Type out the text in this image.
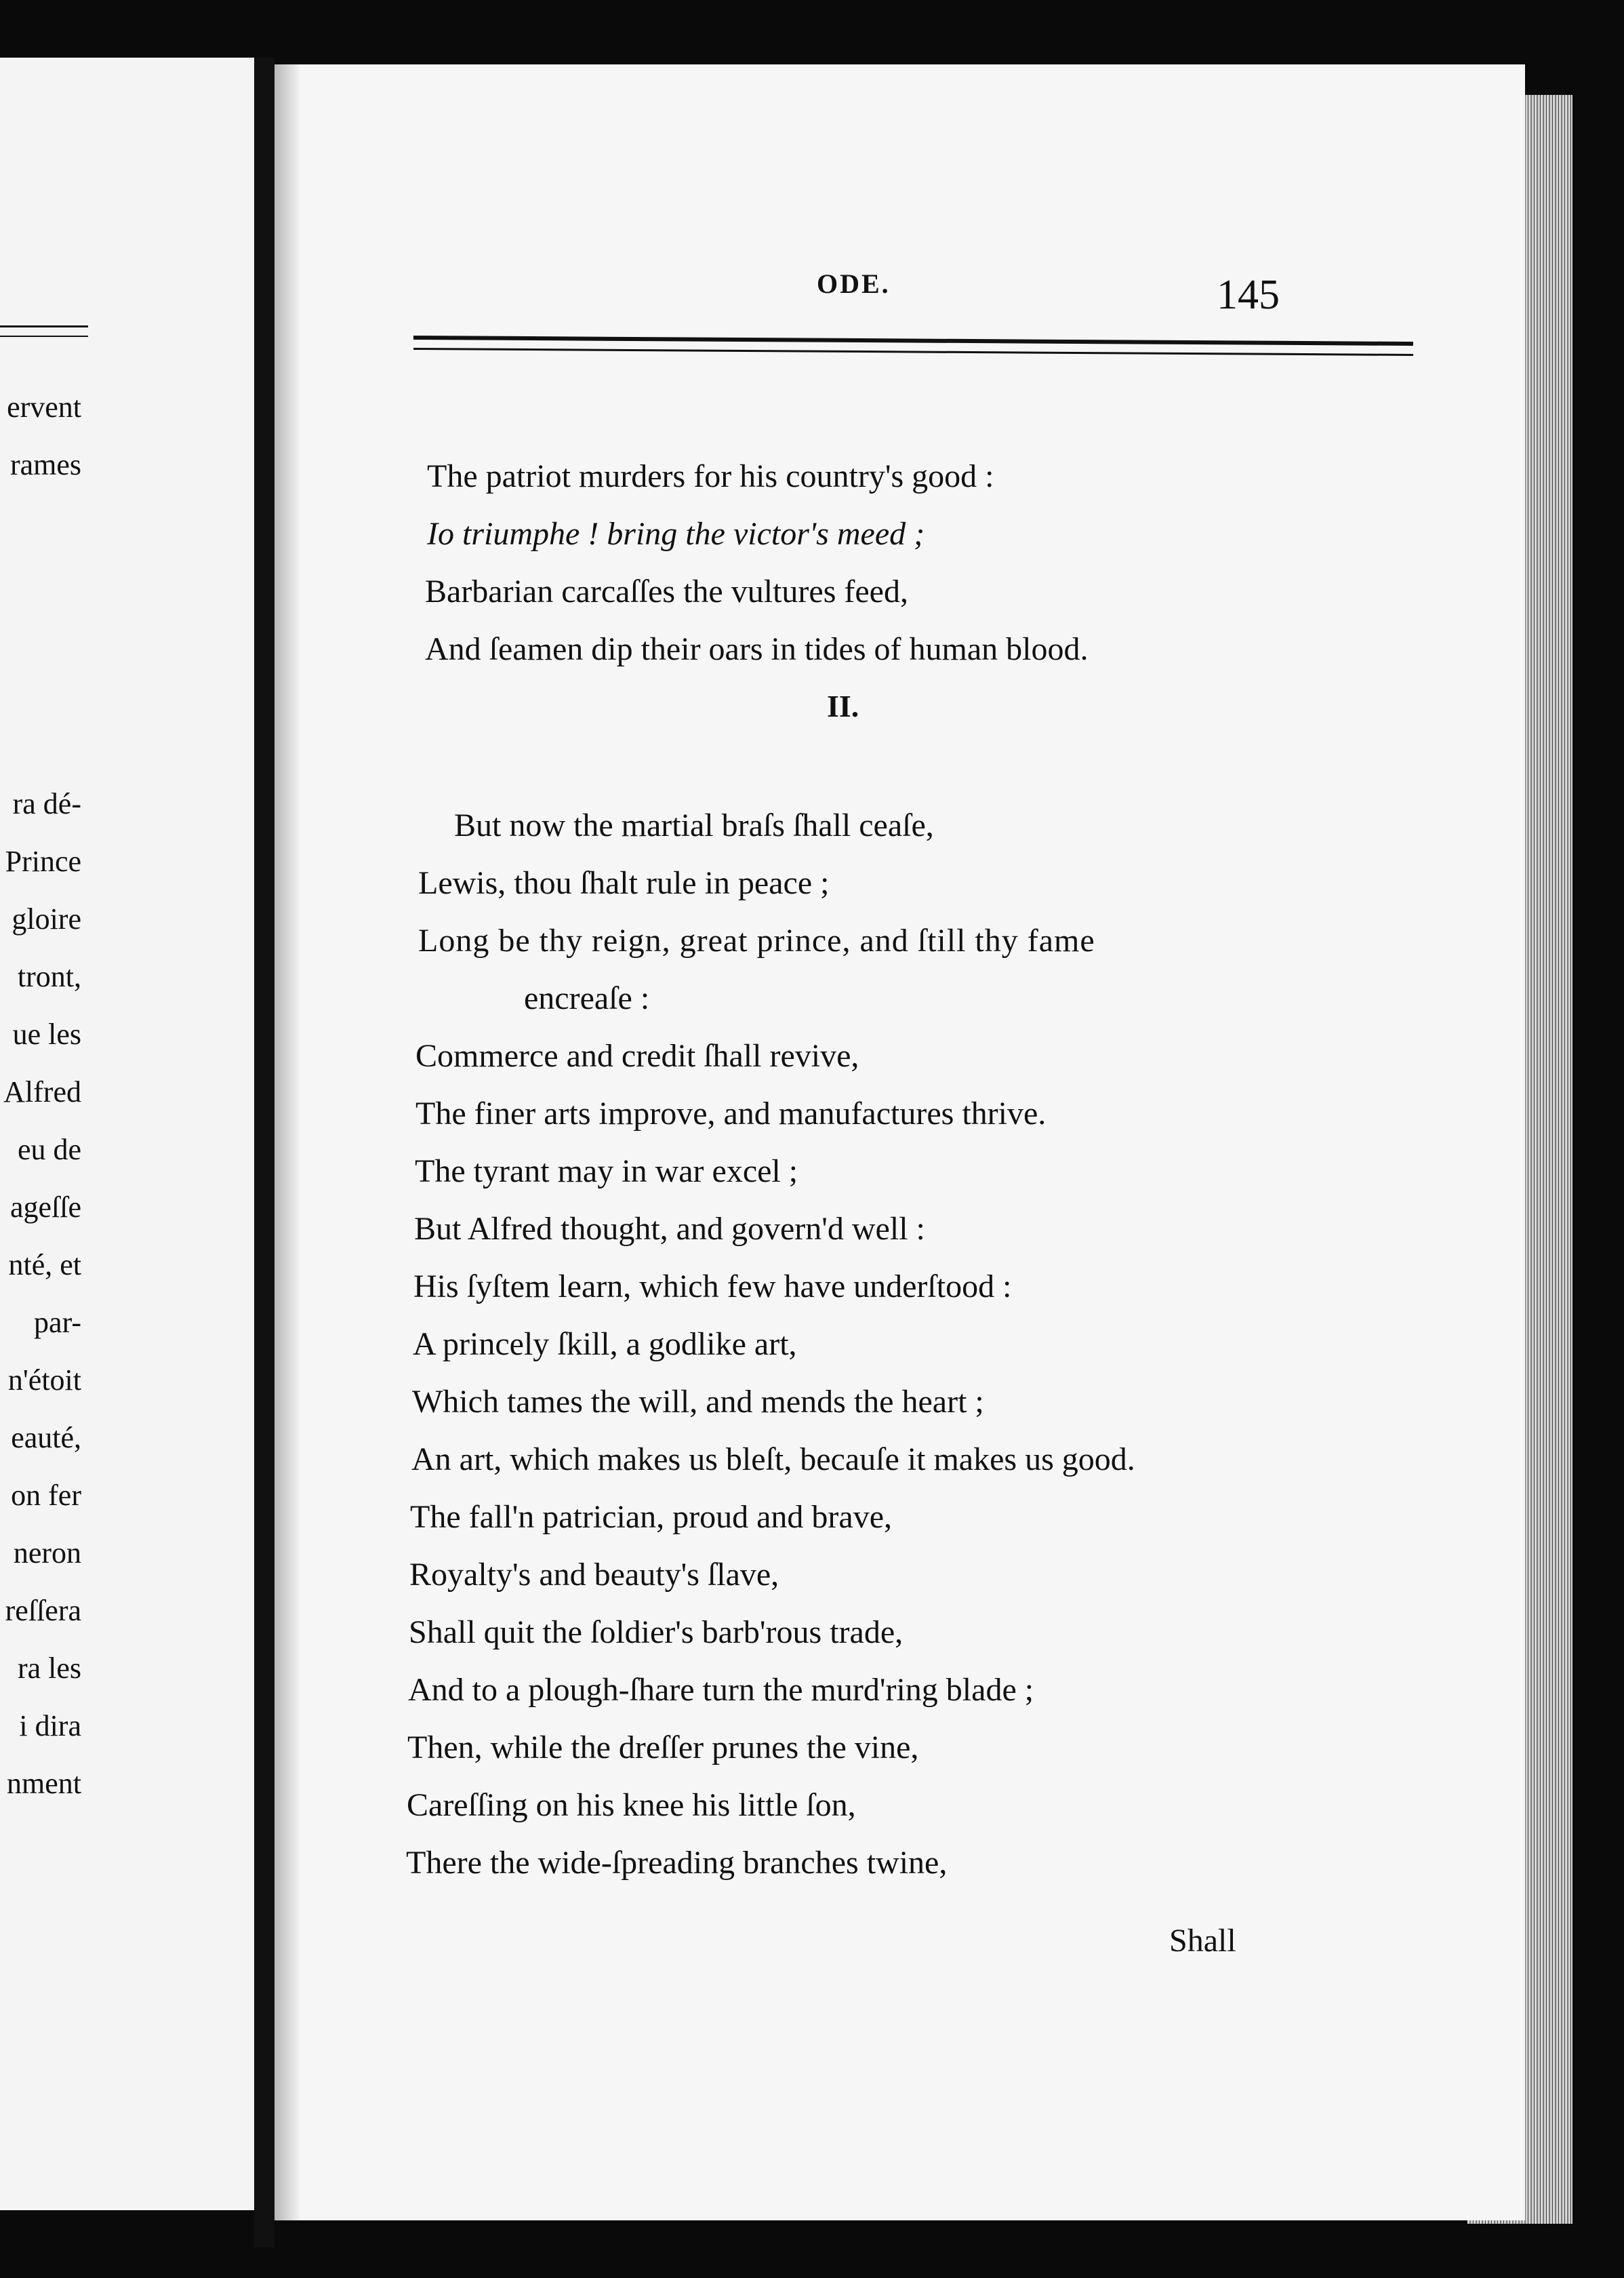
ervent
rames
ra dé-
Prince
gloire
tront,
ue les
Alfred
eu de
ageſſe
nté, et
par-
n'étoit
eauté,
on fer
neron
reſſera
ra les
i dira
nment
ODE.	145
The patriot murders for his country's good :
Io triumphe ! bring the victor's meed ;
Barbarian carcaſſes the vultures feed,
And ſeamen dip their oars in tides of human blood.
II.
But now the martial braſs ſhall ceaſe,
Lewis, thou ſhalt rule in peace ;
Long be thy reign, great prince, and ſtill thy fame
encreaſe :
Commerce and credit ſhall revive,
The finer arts improve, and manufactures thrive.
The tyrant may in war excel ;
But Alfred thought, and govern'd well :
His ſyſtem learn, which few have underſtood :
A princely ſkill, a godlike art,
Which tames the will, and mends the heart ;
An art, which makes us bleſt, becauſe it makes us good.
The fall'n patrician, proud and brave,
Royalty's and beauty's ſlave,
Shall quit the ſoldier's barb'rous trade,
And to a plough-ſhare turn the murd'ring blade ;
Then, while the dreſſer prunes the vine,
Careſſing on his knee his little ſon,
There the wide-ſpreading branches twine,
Shall
